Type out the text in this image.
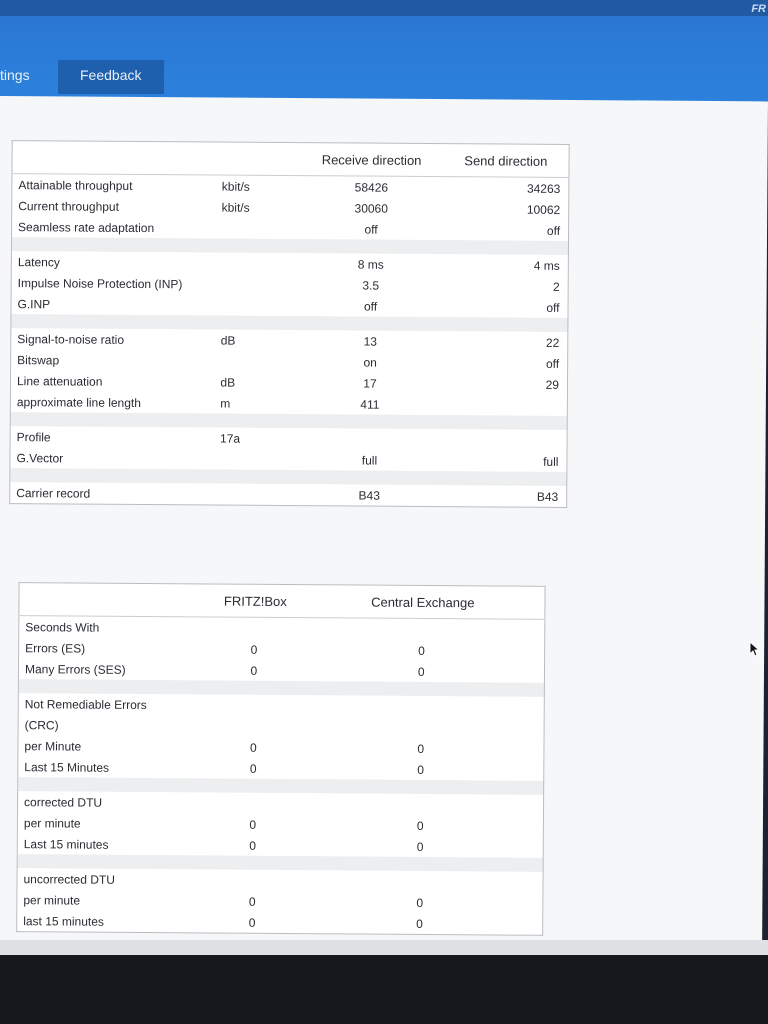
FR
tings	Feedback
		Receive direction	Send direction
Attainable throughput	kbit/s	58426	34263
Current throughput	kbit/s	30060	10062
Seamless rate adaptation		off	off

Latency		8 ms	4 ms
Impulse Noise Protection (INP)		3.5	2
G.INP		off	off

Signal-to-noise ratio	dB	13	22
Bitswap		on	off
Line attenuation	dB	17	29
approximate line length	m	411	

Profile	17a		
G.Vector		full	full

Carrier record		B43	B43
	FRITZ!Box	Central Exchange
Seconds With		
Errors (ES)	0	0
Many Errors (SES)	0	0

Not Remediable Errors		
(CRC)		
per Minute	0	0
Last 15 Minutes	0	0

corrected DTU		
per minute	0	0
Last 15 minutes	0	0

uncorrected DTU		
per minute	0	0
last 15 minutes	0	0
